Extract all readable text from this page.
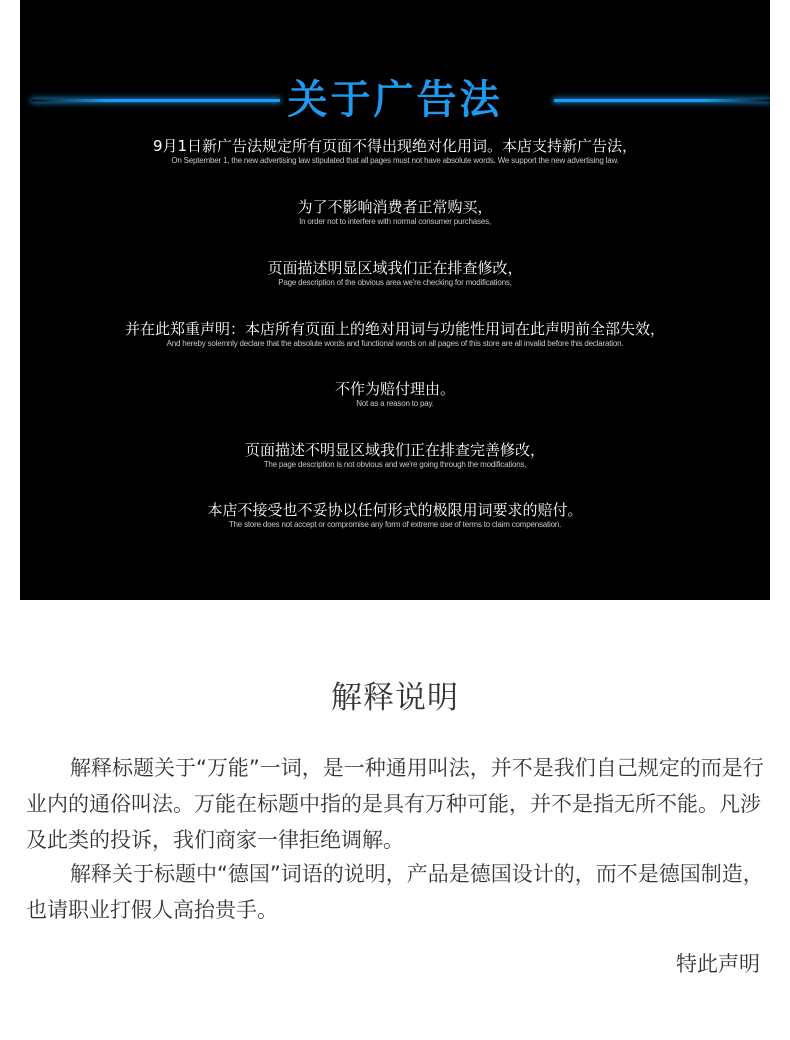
关于广告法
9月1日新广告法规定所有页面不得出现绝对化用词。本店支持新广告法，
On September 1, the new advertising law stipulated that all pages must not have absolute words. We support the new advertising law.
为了不影响消费者正常购买，
In order not to interfere with normal consumer purchases,
页面描述明显区域我们正在排查修改，
Page description of the obvious area we're checking for modifications,
并在此郑重声明：本店所有页面上的绝对用词与功能性用词在此声明前全部失效，
And hereby solemnly declare that the absolute words and functional words on all pages of this store are all invalid before this declaration.
不作为赔付理由。
Not as a reason to pay.
页面描述不明显区域我们正在排查完善修改，
The page description is not obvious and we're going through the modifications,
本店不接受也不妥协以任何形式的极限用词要求的赔付。
The store does not accept or compromise any form of extreme use of terms to claim compensation.
解释说明

解释标题关于“万能”一词，是一种通用叫法，并不是我们自己规定的而是行业内的通俗叫法。万能在标题中指的是具有万种可能，并不是指无所不能。凡涉及此类的投诉，我们商家一律拒绝调解。

解释关于标题中“德国”词语的说明，产品是德国设计的，而不是德国制造，也请职业打假人高抬贵手。

特此声明
